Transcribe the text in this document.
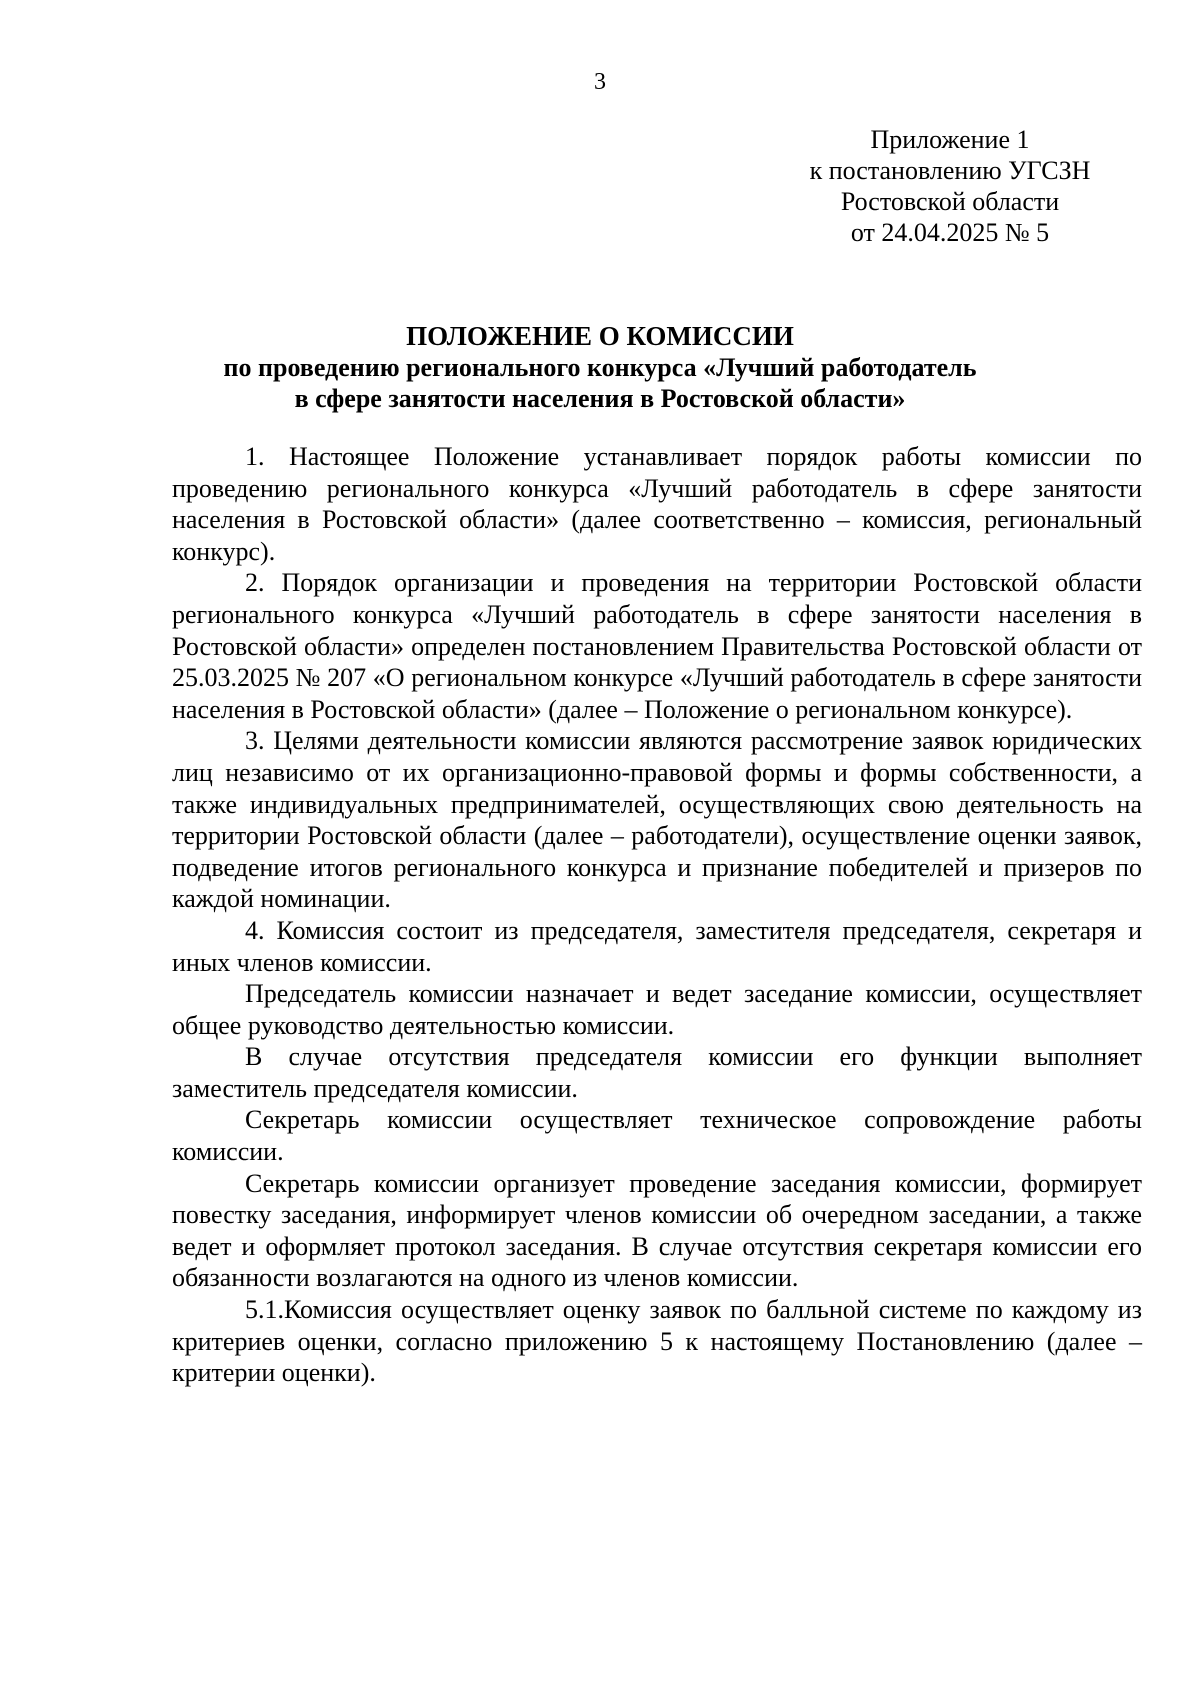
3
Приложение 1
к постановлению УГСЗН
Ростовской области
от 24.04.2025 № 5
ПОЛОЖЕНИЕ О КОМИССИИ
по проведению регионального конкурса «Лучший работодатель
в сфере занятости населения в Ростовской области»

1. Настоящее Положение устанавливает порядок работы комиссии по проведению регионального конкурса «Лучший работодатель в сфере занятости населения в Ростовской области» (далее соответственно – комиссия, региональный конкурс).

2. Порядок организации и проведения на территории Ростовской области регионального конкурса «Лучший работодатель в сфере занятости населения в Ростовской области» определен постановлением Правительства Ростовской области от 25.03.2025 № 207 «О региональном конкурсе «Лучший работодатель в сфере занятости населения в Ростовской области» (далее – Положение о региональном конкурсе).

3. Целями деятельности комиссии являются рассмотрение заявок юридических лиц независимо от их организационно-правовой формы и формы собственности, а также индивидуальных предпринимателей, осуществляющих свою деятельность на территории Ростовской области (далее – работодатели), осуществление оценки заявок, подведение итогов регионального конкурса и признание победителей и призеров по каждой номинации.

4. Комиссия состоит из председателя, заместителя председателя, секретаря и иных членов комиссии.

Председатель комиссии назначает и ведет заседание комиссии, осуществляет общее руководство деятельностью комиссии.

В случае отсутствия председателя комиссии его функции выполняет заместитель председателя комиссии.

Секретарь комиссии осуществляет техническое сопровождение работы комиссии.

Секретарь комиссии организует проведение заседания комиссии, формирует повестку заседания, информирует членов комиссии об очередном заседании, а также ведет и оформляет протокол заседания. В случае отсутствия секретаря комиссии его обязанности возлагаются на одного из членов комиссии.

5.1.Комиссия осуществляет оценку заявок по балльной системе по каждому из критериев оценки, согласно приложению 5 к настоящему Постановлению (далее – критерии оценки).
